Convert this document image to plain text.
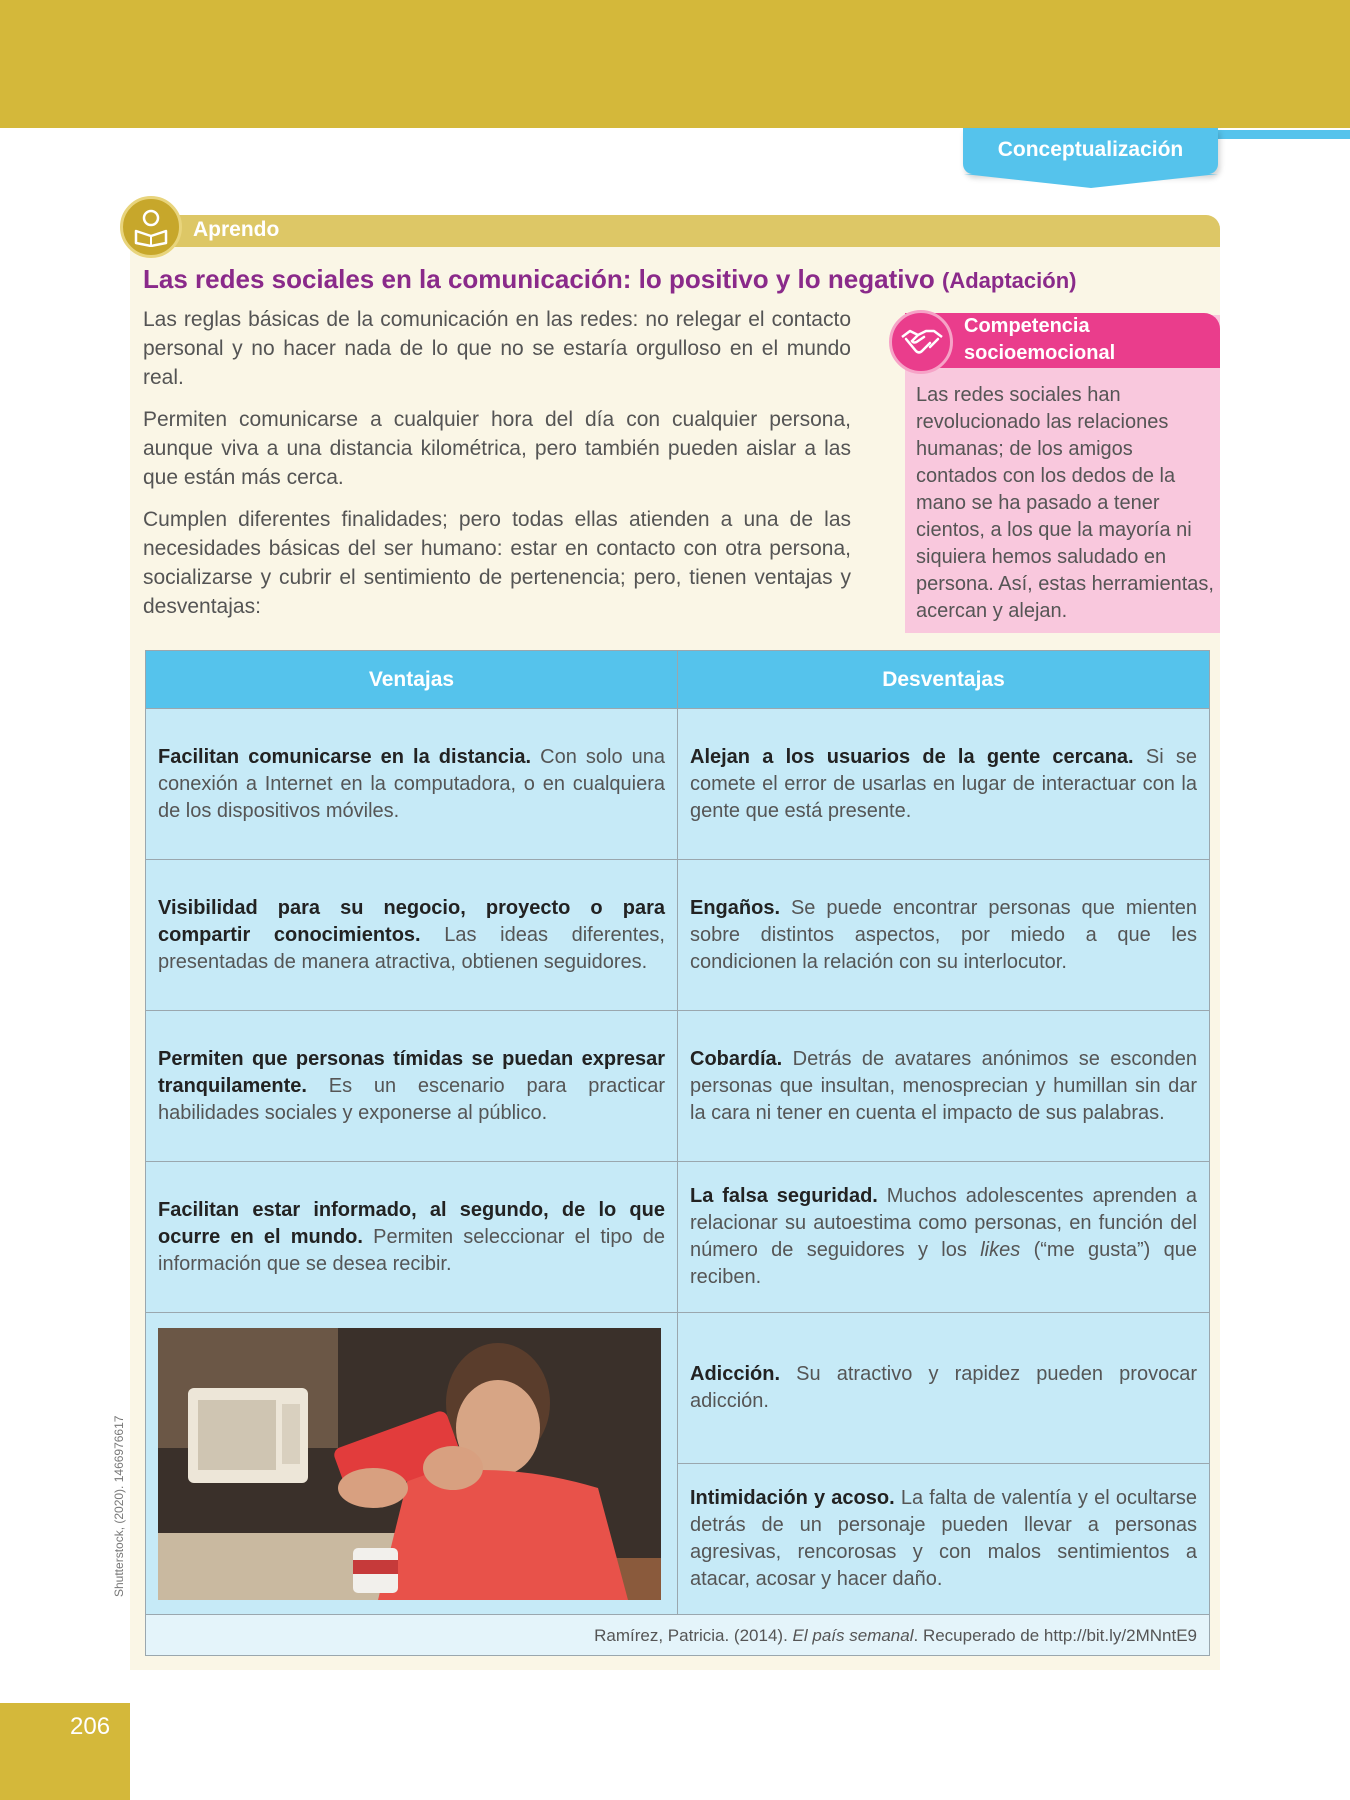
Conceptualización
Aprendo
Las redes sociales en la comunicación: lo positivo y lo negativo (Adaptación)

Las reglas básicas de la comunicación en las redes: no relegar el contacto personal y no hacer nada de lo que no se estaría orgulloso en el mundo real.

Permiten comunicarse a cualquier hora del día con cualquier persona, aunque viva a una distancia kilométrica, pero también pueden aislar a las que están más cerca.

Cumplen diferentes finalidades; pero todas ellas atienden a una de las necesidades básicas del ser humano: estar en contacto con otra persona, socializarse y cubrir el sentimiento de pertenencia; pero, tienen ventajas y desventajas:

Competencia
socioemocional
Las redes sociales han revolucionado las relaciones humanas; de los amigos contados con los dedos de la mano se ha pasado a tener cientos, a los que la mayoría ni siquiera hemos saludado en persona. Así, estas herramientas, acercan y alejan.
Ventajas	Desventajas
Facilitan comunicarse en la distancia. Con solo una conexión a Internet en la computadora, o en cualquiera de los dispositivos móviles.	Alejan a los usuarios de la gente cercana. Si se comete el error de usarlas en lugar de interactuar con la gente que está presente.
Visibilidad para su negocio, proyecto o para compartir conocimientos. Las ideas diferentes, presentadas de manera atractiva, obtienen seguidores.	Engaños. Se puede encontrar personas que mienten sobre distintos aspectos, por miedo a que les condicionen la relación con su interlocutor.
Permiten que personas tímidas se puedan expresar tranquilamente. Es un escenario para practicar habilidades sociales y exponerse al público.	Cobardía. Detrás de avatares anónimos se esconden personas que insultan, menosprecian y humillan sin dar la cara ni tener en cuenta el impacto de sus palabras.
Facilitan estar informado, al segundo, de lo que ocurre en el mundo. Permiten seleccionar el tipo de información que se desea recibir.	La falsa seguridad. Muchos adolescentes aprenden a relacionar su autoestima como personas, en función del número de seguidores y los likes (“me gusta”) que reciben.

	Adicción. Su atractivo y rapidez pueden provocar adicción.
	Intimidación y acoso. La falta de valentía y el ocultarse detrás de un personaje pueden llevar a personas agresivas, rencorosas y con malos sentimientos a atacar, acosar y hacer daño.
Ramírez, Patricia. (2014). El país semanal. Recuperado de http://bit.ly/2MNntE9	
Shutterstock, (2020). 1466976617
206
